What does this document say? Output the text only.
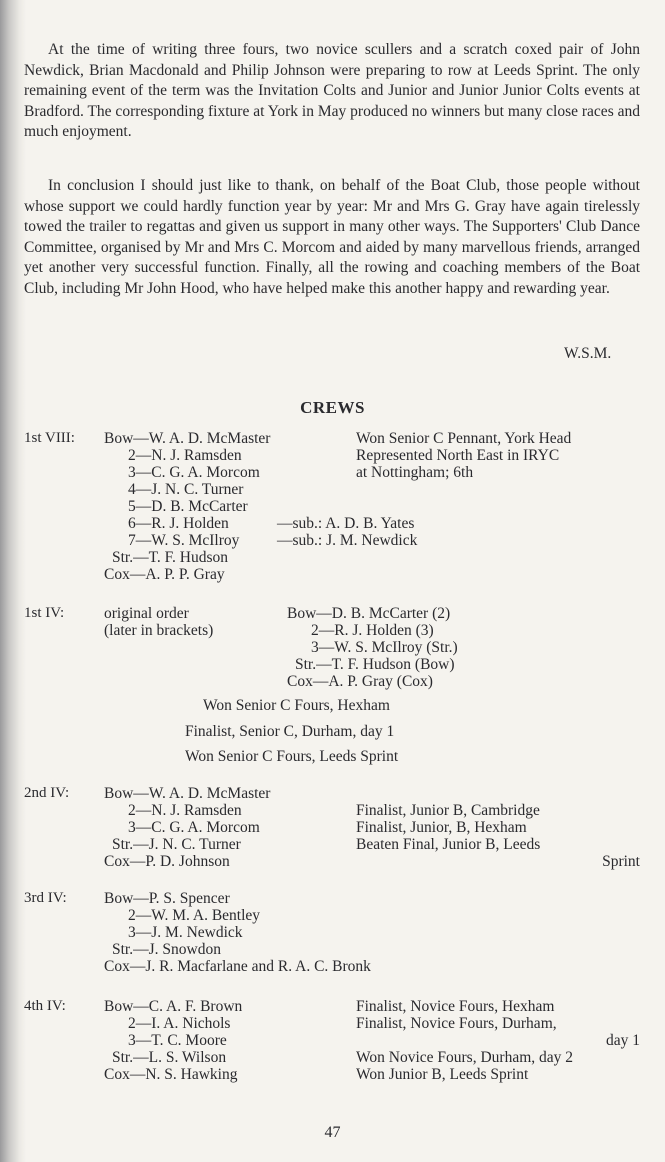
At the time of writing three fours, two novice scullers and a scratch coxed pair of John Newdick, Brian Macdonald and Philip Johnson were preparing to row at Leeds Sprint. The only remaining event of the term was the Invitation Colts and Junior and Junior Junior Colts events at Bradford. The corresponding fixture at York in May produced no winners but many close races and much enjoyment.

In conclusion I should just like to thank, on behalf of the Boat Club, those people without whose support we could hardly function year by year: Mr and Mrs G. Gray have again tirelessly towed the trailer to regattas and given us support in many other ways. The Supporters' Club Dance Committee, organised by Mr and Mrs C. Morcom and aided by many marvellous friends, arranged yet another very successful function. Finally, all the rowing and coaching members of the Boat Club, including Mr John Hood, who have helped make this another happy and rewarding year.

W.S.M.
CREWS
1st VIII: Bow—W. A. D. McMaster
2—N. J. Ramsden
3—C. G. A. Morcom
4—J. N. C. Turner
5—D. B. McCarter
6—R. J. Holden
7—W. S. McIlroy
Str.—T. F. Hudson
Cox—A. P. P. Gray
—sub.: A. D. B. Yates
—sub.: J. M. Newdick
Won Senior C Pennant, York Head
Represented North East in IRYC
at Nottingham; 6th
1st IV:	original order
(later in brackets)
Bow—D. B. McCarter (2)
2—R. J. Holden (3)
3—W. S. McIlroy (Str.)
Str.—T. F. Hudson (Bow)
Cox—A. P. Gray (Cox)
Won Senior C Fours, Hexham
Finalist, Senior C, Durham, day 1
Won Senior C Fours, Leeds Sprint
2nd IV: Bow—W. A. D. McMaster
2—N. J. Ramsden
3—C. G. A. Morcom
Str.—J. N. C. Turner
Cox—P. D. Johnson
Finalist, Junior B, Cambridge
Finalist, Junior, B, Hexham
Beaten Final, Junior B, Leeds
Sprint
3rd IV: Bow—P. S. Spencer
2—W. M. A. Bentley
3—J. M. Newdick
Str.—J. Snowdon
Cox—J. R. Macfarlane and R. A. C. Bronk
4th IV: Bow—C. A. F. Brown
2—I. A. Nichols
3—T. C. Moore
Str.—L. S. Wilson
Cox—N. S. Hawking
Finalist, Novice Fours, Hexham
Finalist, Novice Fours, Durham,
day 1
Won Novice Fours, Durham, day 2
Won Junior B, Leeds Sprint
47
